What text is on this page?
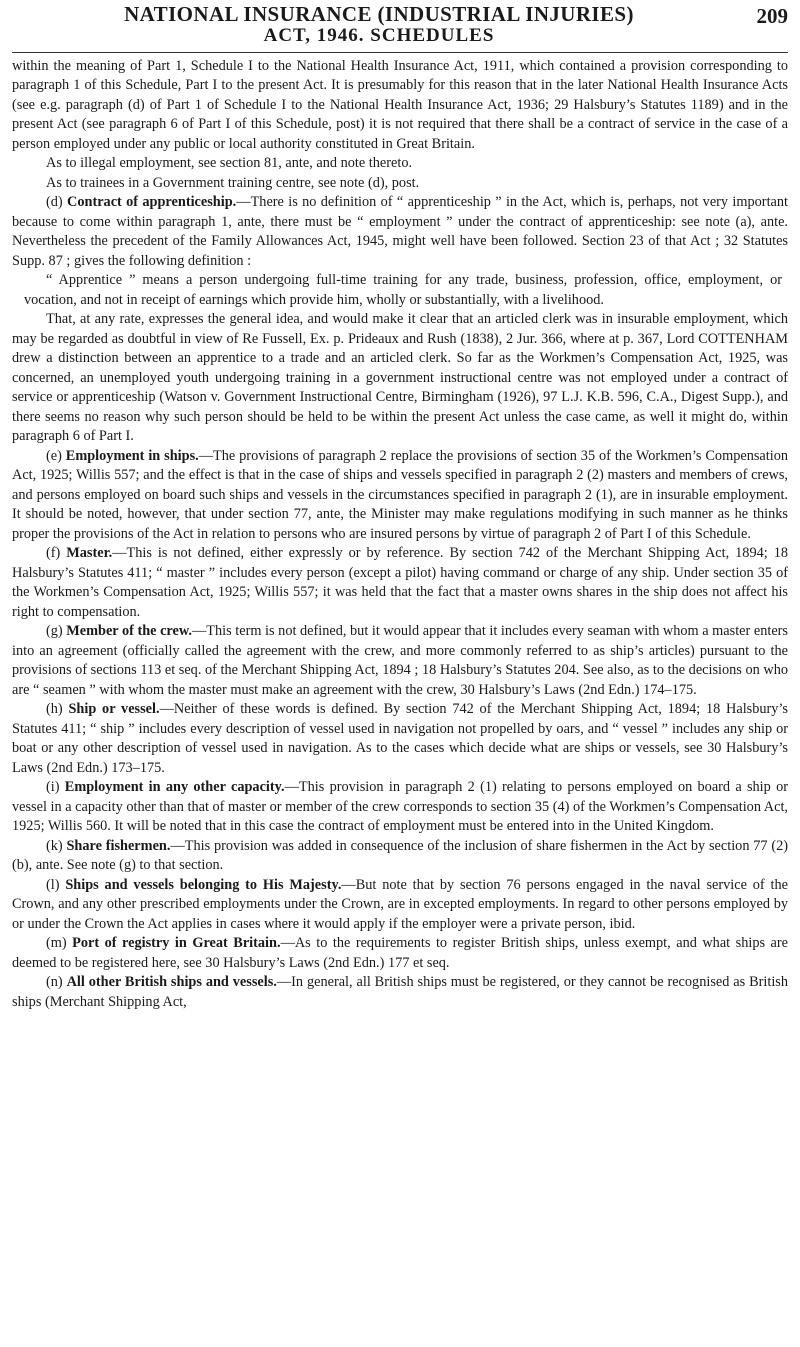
NATIONAL INSURANCE (INDUSTRIAL INJURIES)
ACT, 1946. SCHEDULES
209

within the meaning of Part 1, Schedule I to the National Health Insurance Act, 1911, which contained a provision corresponding to paragraph 1 of this Schedule, Part I to the present Act. It is presumably for this reason that in the later National Health Insurance Acts (see e.g. paragraph (d) of Part 1 of Schedule I to the National Health Insurance Act, 1936; 29 Halsbury’s Statutes 1189) and in the present Act (see paragraph 6 of Part I of this Schedule, post) it is not required that there shall be a contract of service in the case of a person employed under any public or local authority constituted in Great Britain.

As to illegal employment, see section 81, ante, and note thereto.

As to trainees in a Government training centre, see note (d), post.

(d) Contract of apprenticeship.—There is no definition of “ apprenticeship ” in the Act, which is, perhaps, not very important because to come within paragraph 1, ante, there must be “ employment ” under the contract of apprenticeship: see note (a), ante. Nevertheless the precedent of the Family Allowances Act, 1945, might well have been followed. Section 23 of that Act ; 32 Statutes Supp. 87 ; gives the following definition :

“ Apprentice ” means a person undergoing full-time training for any trade, business, profession, office, employment, or vocation, and not in receipt of earnings which provide him, wholly or substantially, with a livelihood.

That, at any rate, expresses the general idea, and would make it clear that an articled clerk was in insurable employment, which may be regarded as doubtful in view of Re Fussell, Ex. p. Prideaux and Rush (1838), 2 Jur. 366, where at p. 367, Lord COTTENHAM drew a distinction between an apprentice to a trade and an articled clerk. So far as the Workmen’s Compensation Act, 1925, was concerned, an unemployed youth undergoing training in a government instructional centre was not employed under a contract of service or apprenticeship (Watson v. Government Instructional Centre, Birmingham (1926), 97 L.J. K.B. 596, C.A., Digest Supp.), and there seems no reason why such person should be held to be within the present Act unless the case came, as well it might do, within paragraph 6 of Part I.

(e) Employment in ships.—The provisions of paragraph 2 replace the provisions of section 35 of the Workmen’s Compensation Act, 1925; Willis 557; and the effect is that in the case of ships and vessels specified in paragraph 2 (2) masters and members of crews, and persons employed on board such ships and vessels in the circumstances specified in paragraph 2 (1), are in insurable employment. It should be noted, however, that under section 77, ante, the Minister may make regulations modifying in such manner as he thinks proper the provisions of the Act in relation to persons who are insured persons by virtue of paragraph 2 of Part I of this Schedule.

(f) Master.—This is not defined, either expressly or by reference. By section 742 of the Merchant Shipping Act, 1894; 18 Halsbury’s Statutes 411; “ master ” includes every person (except a pilot) having command or charge of any ship. Under section 35 of the Workmen’s Compensation Act, 1925; Willis 557; it was held that the fact that a master owns shares in the ship does not affect his right to compensation.

(g) Member of the crew.—This term is not defined, but it would appear that it includes every seaman with whom a master enters into an agreement (officially called the agreement with the crew, and more commonly referred to as ship’s articles) pursuant to the provisions of sections 113 et seq. of the Merchant Shipping Act, 1894 ; 18 Halsbury’s Statutes 204. See also, as to the decisions on who are “ seamen ” with whom the master must make an agreement with the crew, 30 Halsbury’s Laws (2nd Edn.) 174–175.

(h) Ship or vessel.—Neither of these words is defined. By section 742 of the Merchant Shipping Act, 1894; 18 Halsbury’s Statutes 411; “ ship ” includes every description of vessel used in navigation not propelled by oars, and “ vessel ” includes any ship or boat or any other description of vessel used in navigation. As to the cases which decide what are ships or vessels, see 30 Halsbury’s Laws (2nd Edn.) 173–175.

(i) Employment in any other capacity.—This provision in paragraph 2 (1) relating to persons employed on board a ship or vessel in a capacity other than that of master or member of the crew corresponds to section 35 (4) of the Workmen’s Compensation Act, 1925; Willis 560. It will be noted that in this case the contract of employment must be entered into in the United Kingdom.

(k) Share fishermen.—This provision was added in consequence of the inclusion of share fishermen in the Act by section 77 (2) (b), ante. See note (g) to that section.

(l) Ships and vessels belonging to His Majesty.—But note that by section 76 persons engaged in the naval service of the Crown, and any other prescribed employments under the Crown, are in excepted employments. In regard to other persons employed by or under the Crown the Act applies in cases where it would apply if the employer were a private person, ibid.

(m) Port of registry in Great Britain.—As to the requirements to register British ships, unless exempt, and what ships are deemed to be registered here, see 30 Halsbury’s Laws (2nd Edn.) 177 et seq.

(n) All other British ships and vessels.—In general, all British ships must be registered, or they cannot be recognised as British ships (Merchant Shipping Act,
